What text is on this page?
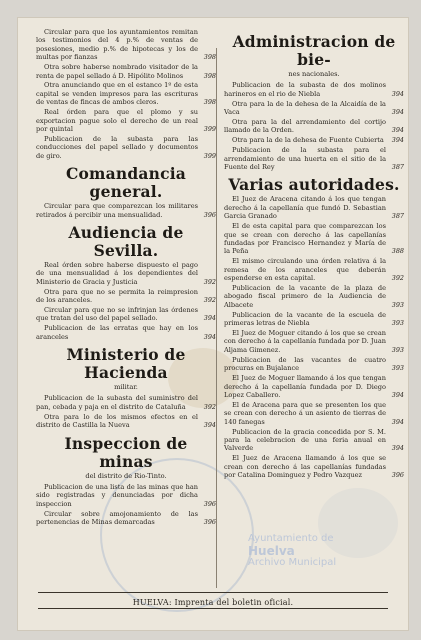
Circular para que los ayuntamientos remitan los testimonios del 4 p.% de ventas de posesiones, medio p.% de hipotecas y los de multas por fianzas	398
Otra sobre haberse nombrado visitador de la renta de papel sellado á D. Hipólito Molinos	398
Otra anunciando que en el estanco 1º de esta capital se venden impresos para las escrituras de ventas de fincas de ambos cleros.	398
Real órden para que el plomo y su exportacion pague solo el derecho de un real por quintal	399
Publicacion de la subasta para las conducciones del papel sellado y documentos de giro.	399
Comandancia general.
Circular para que comparezcan los militares retirados á percibir una mensualidad.	396
Audiencia de Sevilla.
Real órden sobre haberse dispuesto el pago de una mensualidad á los dependientes del Ministerio de Gracia y Justicia	392
Otra para que no se permita la reimpresion de los aranceles.	392
Circular para que no se infrinjan las órdenes que tratan del uso del papel sellado.	394
Publicacion de las erratas que hay en los aranceles	394
Ministerio de Hacienda
militar.
Publicacion de la subasta del suministro del pan, cebada y paja en el distrito de Cataluña	392
Otra para lo de los mismos efectos en el distrito de Castilla la Nueva	394
Inspeccion de minas
del distrito de Rio-Tinto.
Publicacion de una lista de las minas que han sido registradas y denunciadas por dicha inspeccion	396
Circular sobre amojonamiento de las pertenencias de Minas demarcadas	396
Administracion de bie-
nes nacionales.
Publicacion de la subasta de dos molinos harineros en el rio de Niebla	394
Otra para la de la dehesa de la Alcaidía de la Vaca	394
Otra para la del arrendamiento del cortijo llamado de la Orden.	394
Otra para la de la dehesa de Fuente Cubierta	394
Publicacion de la subasta para el arrendamiento de una huerta en el sitio de la Fuente del Rey	387
Varias autoridades.
El Juez de Aracena citando á los que tengan derecho á la capellanía que fundó D. Sebastian Garcia Granado	387
El de esta capital para que comparezcan los que se crean con derecho á las capellanías fundadas por Francisco Hernandez y María de la Peña	388
El mismo circulando una órden relativa á la remesa de los aranceles que deberán espenderse en esta capital.	392
Publicacion de la vacante de la plaza de abogado fiscal primero de la Audiencia de Albacete	393
Publicacion de la vacante de la escuela de primeras letras de Niebla	393
El Juez de Moguer citando á los que se crean con derecho á la capellanía fundada por D. Juan Aljama Gimenez.	393
Publicacion de las vacantes de cuatro procuras en Bujalance	393
El Juez de Moguer llamando á los que tengan derecho á la capellanía fundada por D. Diego Lopez Caballero.	394
El de Aracena para que se presenten los que se crean con derecho á un asiento de tierras de 140 fanegas	394
Publicacion de la gracia concedida por S. M. para la celebracion de una feria anual en Valverde	394
El Juez de Aracena llamando á los que se crean con derecho á las capellanías fundadas por Catalina Dominguez y Pedro Vazquez	396
HUELVA: Imprenta del boletin oficial.
Ayuntamiento de
Huelva
Archivo Municipal
